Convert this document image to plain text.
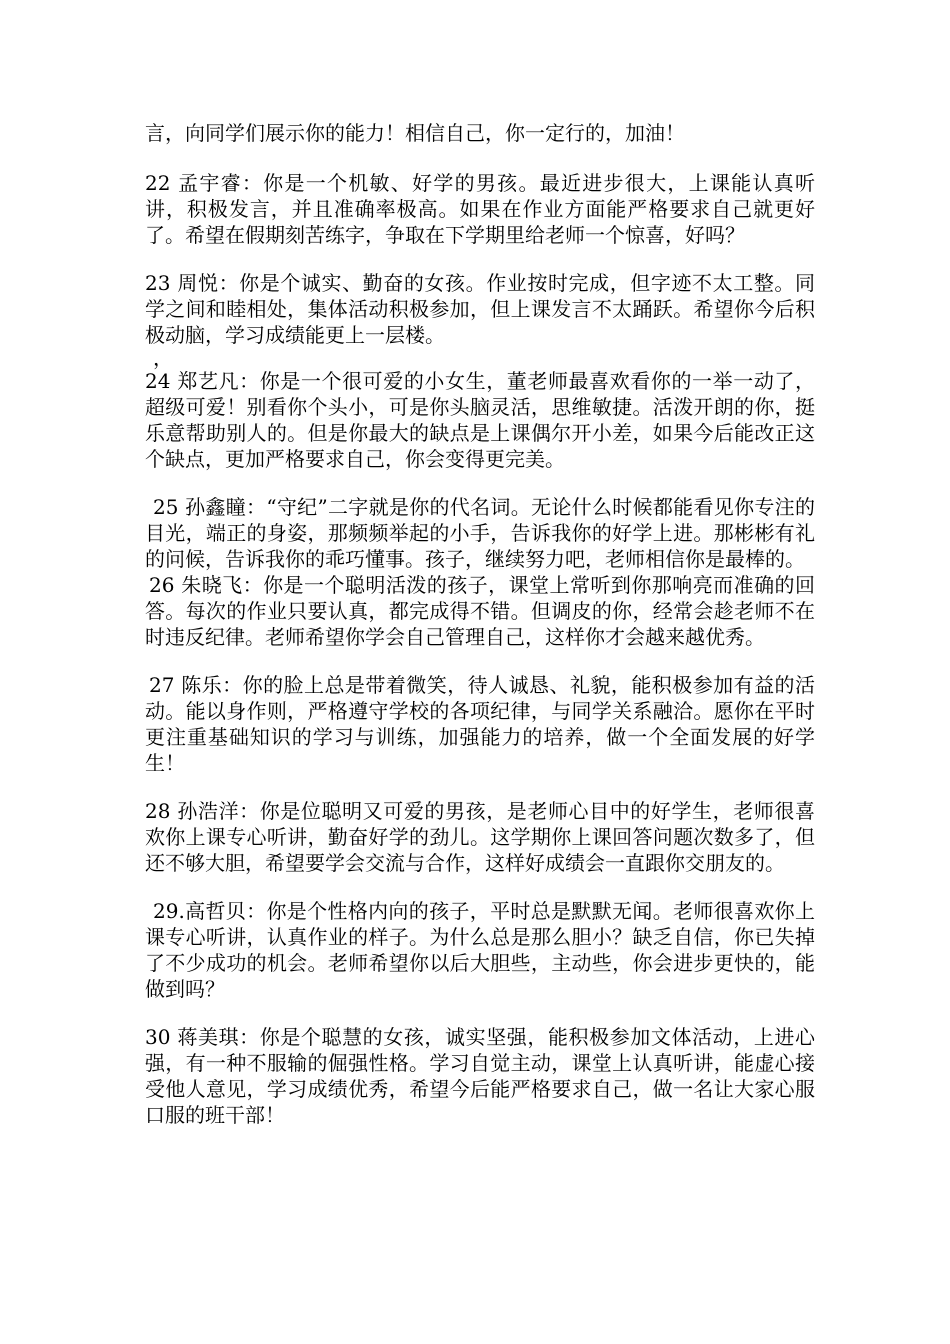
言，向同学们展示你的能力！相信自己，你一定行的，加油！

22 孟宇睿：你是一个机敏、好学的男孩。最近进步很大，上课能认真听讲，积极发言，并且准确率极高。如果在作业方面能严格要求自己就更好了。希望在假期刻苦练字，争取在下学期里给老师一个惊喜，好吗？

23 周悦：你是个诚实、勤奋的女孩。作业按时完成，但字迹不太工整。同学之间和睦相处，集体活动积极参加，但上课发言不太踊跃。希望你今后积极动脑，学习成绩能更上一层楼。

，

24 郑艺凡：你是一个很可爱的小女生，董老师最喜欢看你的一举一动了，超级可爱！别看你个头小，可是你头脑灵活，思维敏捷。活泼开朗的你，挺乐意帮助别人的。但是你最大的缺点是上课偶尔开小差，如果今后能改正这个缺点，更加严格要求自己，你会变得更完美。

25 孙鑫瞳：“守纪”二字就是你的代名词。无论什么时候都能看见你专注的目光，端正的身姿，那频频举起的小手，告诉我你的好学上进。那彬彬有礼的问候，告诉我你的乖巧懂事。孩子，继续努力吧，老师相信你是最棒的。

26 朱晓飞：你是一个聪明活泼的孩子，课堂上常听到你那响亮而准确的回答。每次的作业只要认真，都完成得不错。但调皮的你，经常会趁老师不在时违反纪律。老师希望你学会自己管理自己，这样你才会越来越优秀。

27 陈乐：你的脸上总是带着微笑，待人诚恳、礼貌，能积极参加有益的活动。能以身作则，严格遵守学校的各项纪律，与同学关系融洽。愿你在平时更注重基础知识的学习与训练，加强能力的培养，做一个全面发展的好学生！

28 孙浩洋：你是位聪明又可爱的男孩，是老师心目中的好学生，老师很喜欢你上课专心听讲，勤奋好学的劲儿。这学期你上课回答问题次数多了，但还不够大胆，希望要学会交流与合作，这样好成绩会一直跟你交朋友的。

29.高哲贝：你是个性格内向的孩子，平时总是默默无闻。老师很喜欢你上课专心听讲，认真作业的样子。为什么总是那么胆小？缺乏自信，你已失掉了不少成功的机会。老师希望你以后大胆些，主动些，你会进步更快的，能做到吗？

30 蒋美琪：你是个聪慧的女孩，诚实坚强，能积极参加文体活动，上进心强，有一种不服输的倔强性格。学习自觉主动，课堂上认真听讲，能虚心接受他人意见，学习成绩优秀，希望今后能严格要求自己，做一名让大家心服口服的班干部！
